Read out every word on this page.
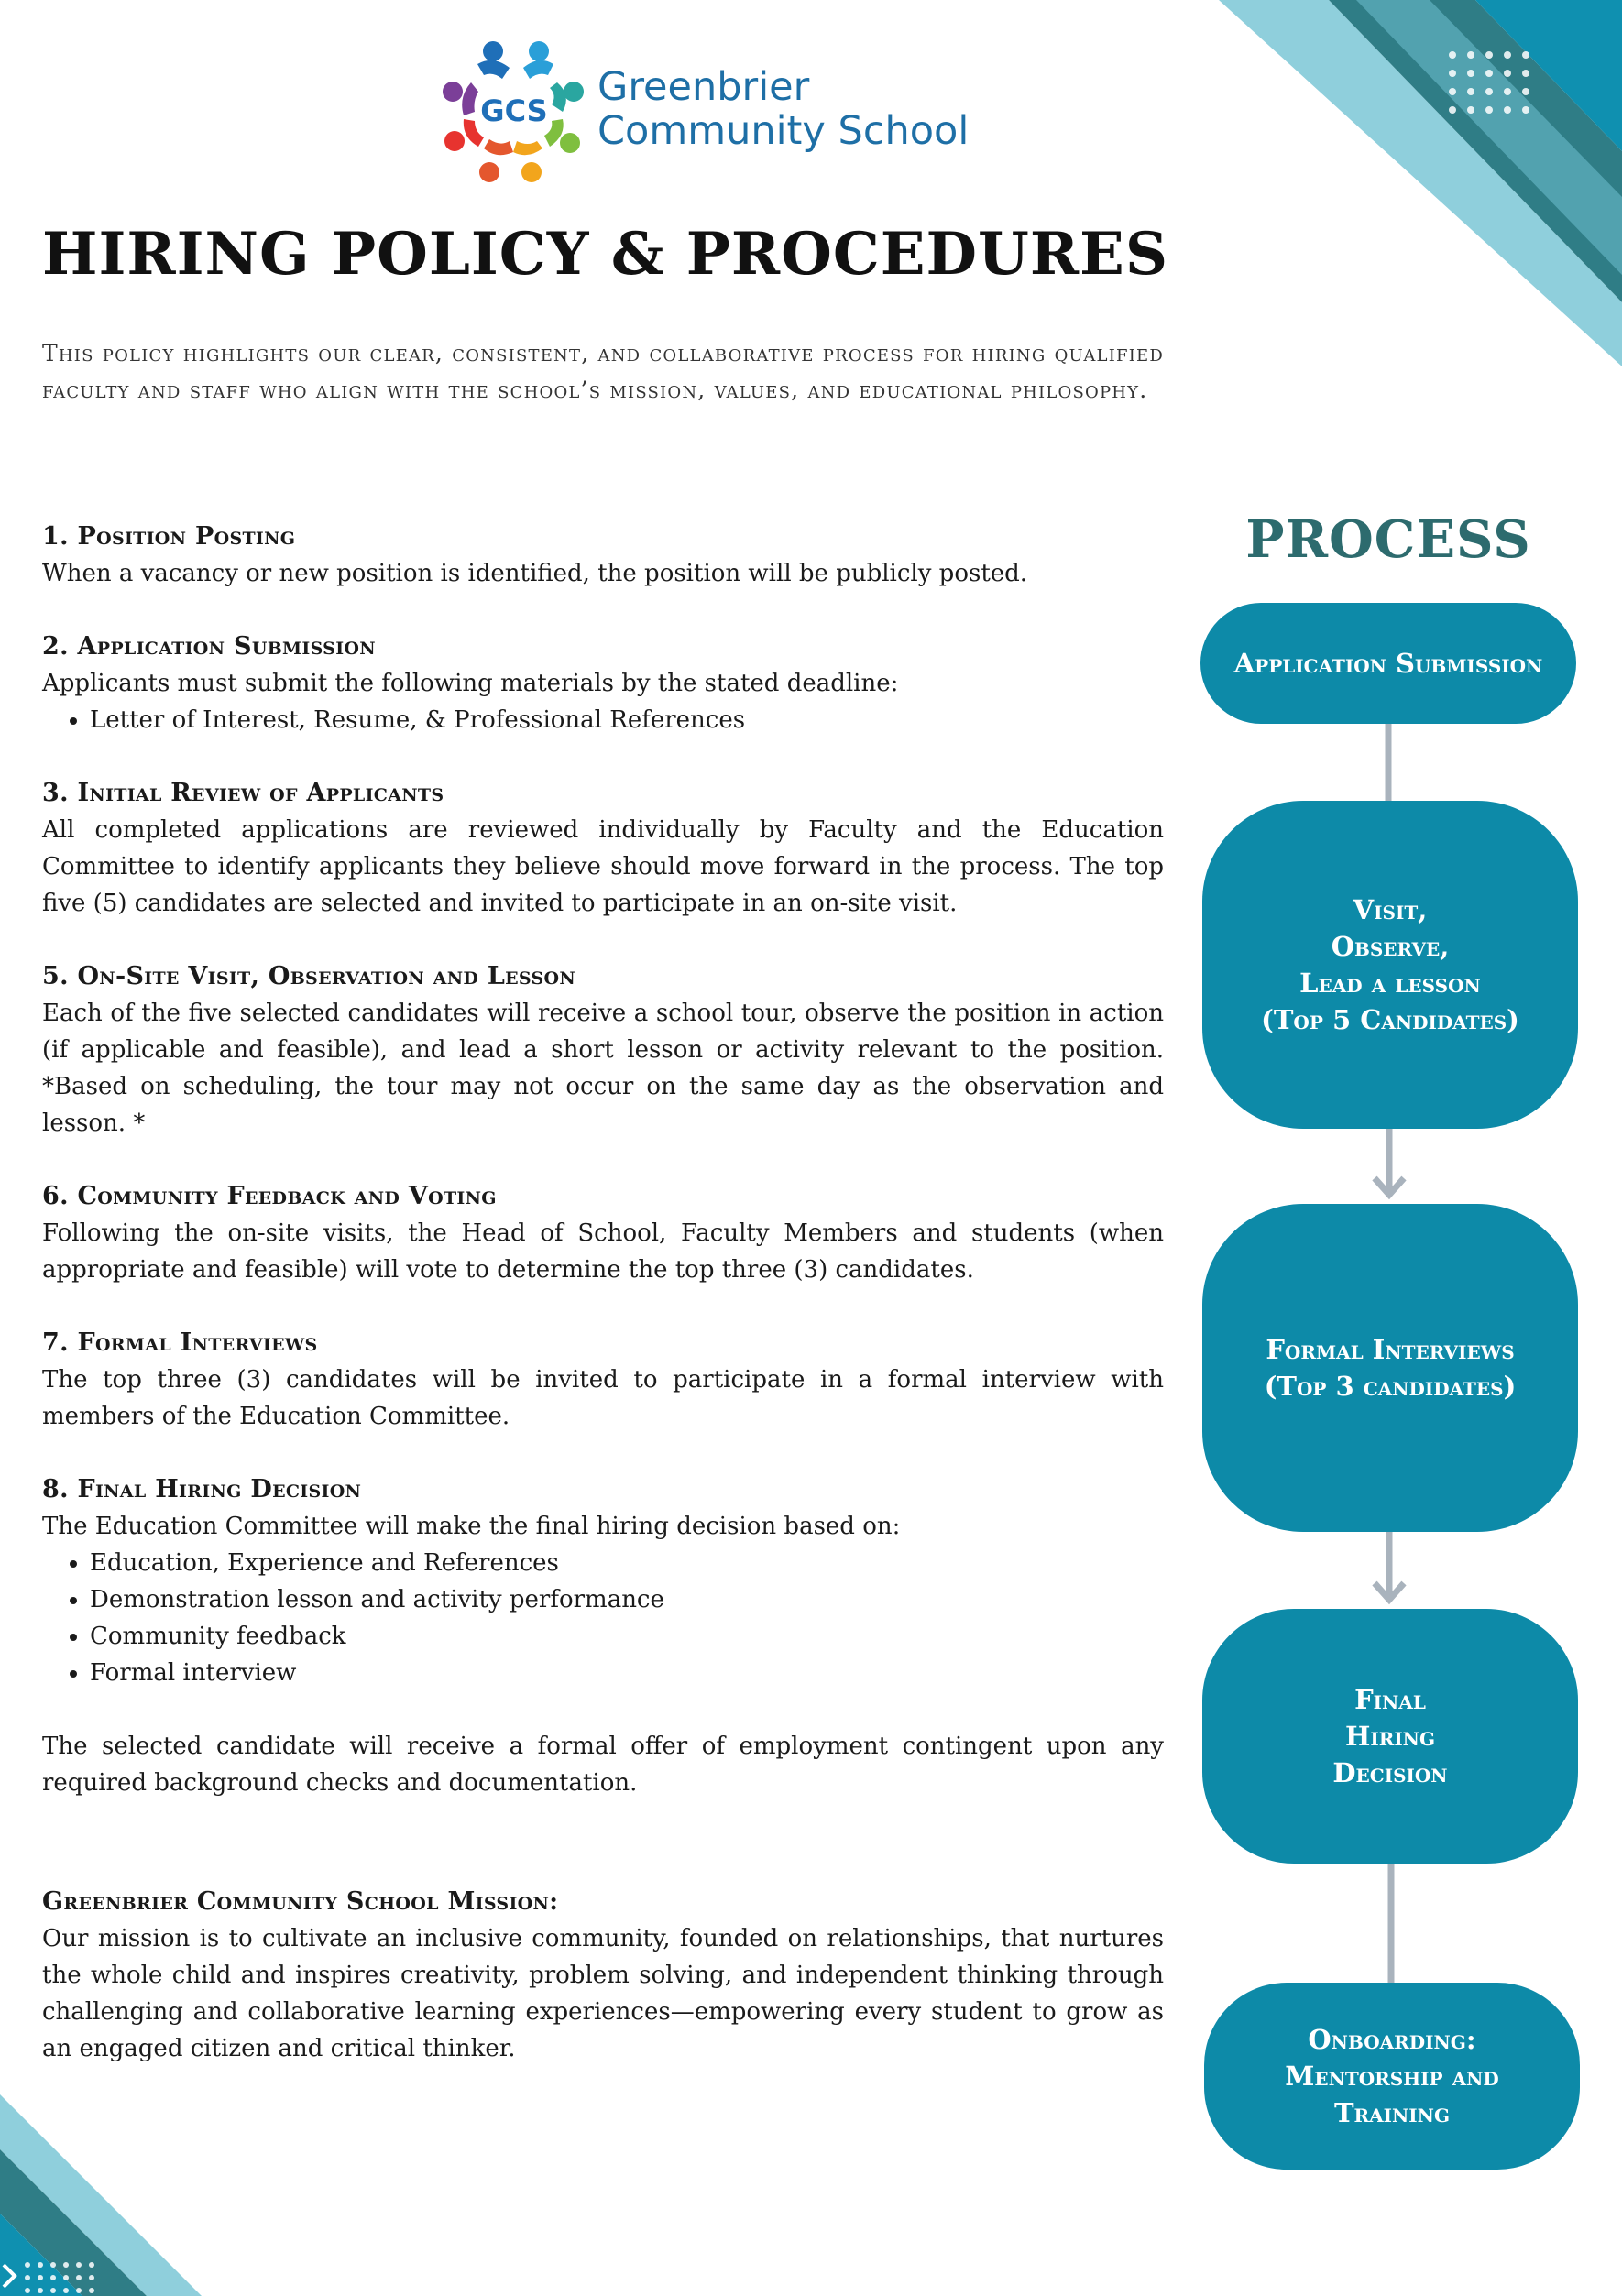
GCS
Greenbrier
Community School
HIRING POLICY & PROCEDURES

This policy highlights our clear, consistent, and collaborative process for hiring qualified faculty and staff who align with the school’s mission, values, and educational philosophy.

1. Position Posting

When a vacancy or new position is identified, the position will be publicly posted.

2. Application Submission

Applicants must submit the following materials by the stated deadline:

• Letter of Interest, Resume, & Professional References

3. Initial Review of Applicants

All completed applications are reviewed individually by Faculty and the Education Committee to identify applicants they believe should move forward in the process. The top five (5) candidates are selected and invited to participate in an on-site visit.

5. On-Site Visit, Observation and Lesson

Each of the five selected candidates will receive a school tour, observe the position in action (if applicable and feasible), and lead a short lesson or activity relevant to the position. *Based on scheduling, the tour may not occur on the same day as the observation and lesson. *

6. Community Feedback and Voting

Following the on-site visits, the Head of School, Faculty Members and students (when appropriate and feasible) will vote to determine the top three (3) candidates.

7. Formal Interviews

The top three (3) candidates will be invited to participate in a formal interview with members of the Education Committee.

8. Final Hiring Decision

The Education Committee will make the final hiring decision based on:

• Education, Experience and References
• Demonstration lesson and activity performance
• Community feedback
• Formal interview

The selected candidate will receive a formal offer of employment contingent upon any required background checks and documentation.

Greenbrier Community School Mission:

Our mission is to cultivate an inclusive community, founded on relationships, that nurtures the whole child and inspires creativity, problem solving, and independent thinking through challenging and collaborative learning experiences—empowering every student to grow as an engaged citizen and critical thinker.

PROCESS
Application Submission
Visit,
Observe,
Lead a lesson
(Top 5 Candidates)
Formal Interviews
(Top 3 candidates)
Final
Hiring
Decision
Onboarding:
Mentorship and
Training
